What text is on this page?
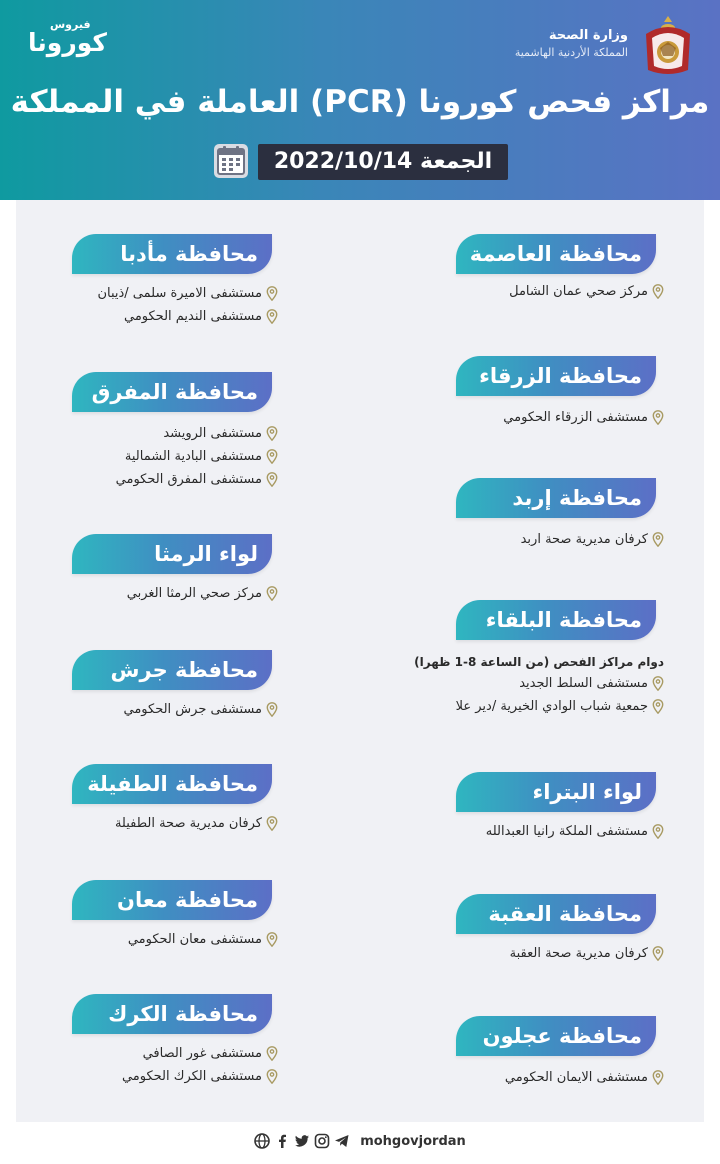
فيروس
كورونا	وزارة الصحة
المملكة الأردنية الهاشمية
مراكز فحص كورونا (PCR) العاملة في المملكة
الجمعة 2022/10/14
محافظة العاصمة
مركز صحي عمان الشامل
محافظة الزرقاء
مستشفى الزرقاء الحكومي
محافظة إربد
كرفان مديرية صحة اربد
محافظة البلقاء
دوام مراكز الفحص (من الساعة 8-1 ظهرا)
مستشفى السلط الجديد
جمعية شباب الوادي الخيرية /دير علا
لواء البتراء
مستشفى الملكة رانيا العبدالله
محافظة العقبة
كرفان مديرية صحة العقبة
محافظة عجلون
مستشفى الايمان الحكومي
محافظة مأدبا
مستشفى الاميرة سلمى /ذيبان
مستشفى النديم الحكومي
محافظة المفرق
مستشفى الرويشد
مستشفى البادية الشمالية
مستشفى المفرق الحكومي
لواء الرمثا
مركز صحي الرمثا الغربي
محافظة جرش
مستشفى جرش الحكومي
محافظة الطفيلة
كرفان مديرية صحة الطفيلة
محافظة معان
مستشفى معان الحكومي
محافظة الكرك
مستشفى غور الصافي
مستشفى الكرك الحكومي
mohgovjordan
